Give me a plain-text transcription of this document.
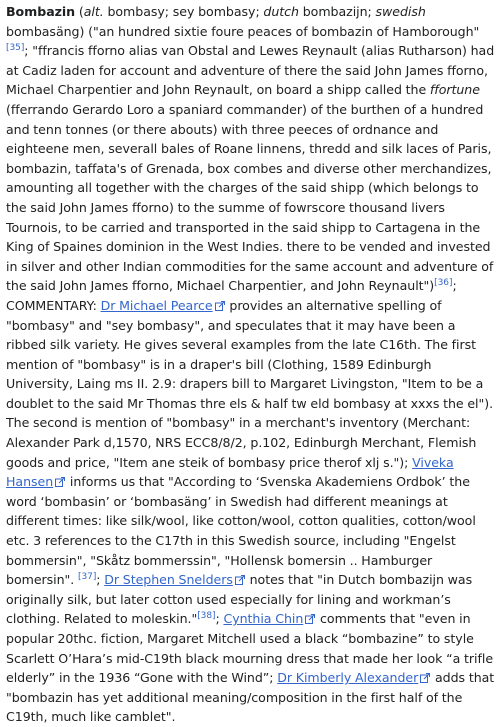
Bombazin (alt. bombasy; sey bombasy; dutch bombazijn; swedish bombasäng) ("an hundred sixtie foure peaces of bombazin of Hamborough"[35]; "ffrancis fforno alias van Obstal and Lewes Reynault (alias Rutharson) had at Cadiz laden for account and adventure of there the said John James fforno, Michael Charpentier and John Reynault, on board a shipp called the ffortune (fferrando Gerardo Loro a spaniard commander) of the burthen of a hundred and tenn tonnes (or there abouts) with three peeces of ordnance and eighteene men, severall bales of Roane linnens, thredd and silk laces of Paris, bombazin, taffata's of Grenada, box combes and diverse other merchandizes, amounting all together with the charges of the said shipp (which belongs to the said John James fforno) to the summe of fowrscore thousand livers Tournois, to be carried and transported in the said shipp to Cartagena in the King of Spaines dominion in the West Indies. there to be vended and invested in silver and other Indian commodities for the same account and adventure of the said John James fforno, Michael Charpentier, and John Reynault")[36]; COMMENTARY: Dr Michael Pearce provides an alternative spelling of "bombasy" and "sey bombasy", and speculates that it may have been a ribbed silk variety. He gives several examples from the late C16th. The first mention of "bombasy" is in a draper's bill (Clothing, 1589 Edinburgh University, Laing ms II. 2.9: drapers bill to Margaret Livingston, "Item to be a doublet to the said Mr Thomas thre els & half tw eld bombasy at xxxs the el"). The second is mention of "bombasy" in a merchant's inventory (Merchant: Alexander Park d,1570, NRS ECC8/8/2, p.102, Edinburgh Merchant, Flemish goods and price, "Item ane steik of bombasy price therof xlj s."); Viveka Hansen informs us that "According to ‘Svenska Akademiens Ordbok’ the word ‘bombasin’ or ‘bombasäng’ in Swedish had different meanings at different times: like silk/wool, like cotton/wool, cotton qualities, cotton/wool etc. 3 references to the C17th in this Swedish source, including "Engelst bommersin", "Skåtz bommerssin", "Hollensk bomersin .. Hamburger bomersin". [37]; Dr Stephen Snelders notes that "in Dutch bombazijn was originally silk, but later cotton used especially for lining and workman’s clothing. Related to moleskin."[38]; Cynthia Chin comments that "even in popular 20thc. fiction, Margaret Mitchell used a black “bombazine” to style Scarlett O’Hara’s mid-C19th black mourning dress that made her look “a trifle elderly” in the 1936 “Gone with the Wind”; Dr Kimberly Alexander adds that "bombazin has yet additional meaning/composition in the first half of the C19th, much like camblet".
